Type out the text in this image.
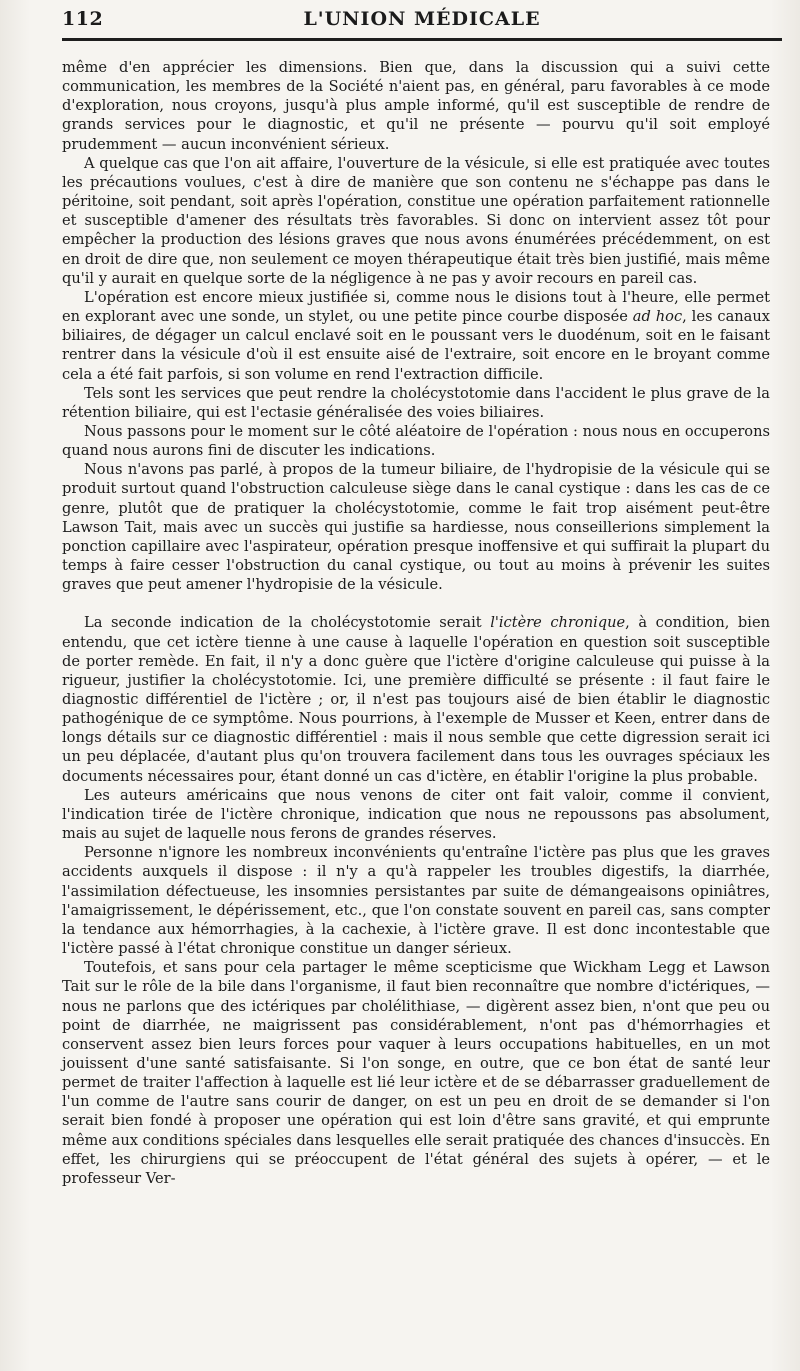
112	L'UNION MÉDICALE

même d'en apprécier les dimensions. Bien que, dans la discussion qui a suivi cette communication, les membres de la Société n'aient pas, en général, paru favorables à ce mode d'exploration, nous croyons, jusqu'à plus ample informé, qu'il est susceptible de rendre de grands services pour le diagnostic, et qu'il ne présente — pourvu qu'il soit employé prudemment — aucun inconvénient sérieux.

A quelque cas que l'on ait affaire, l'ouverture de la vésicule, si elle est pratiquée avec toutes les précautions voulues, c'est à dire de manière que son contenu ne s'échappe pas dans le péritoine, soit pendant, soit après l'opération, constitue une opération parfaitement rationnelle et susceptible d'amener des résultats très favorables. Si donc on intervient assez tôt pour empêcher la production des lésions graves que nous avons énumérées précédemment, on est en droit de dire que, non seulement ce moyen thérapeutique était très bien justifié, mais même qu'il y aurait en quelque sorte de la négligence à ne pas y avoir recours en pareil cas.

L'opération est encore mieux justifiée si, comme nous le disions tout à l'heure, elle permet en explorant avec une sonde, un stylet, ou une petite pince courbe disposée ad hoc, les canaux biliaires, de dégager un calcul enclavé soit en le poussant vers le duodénum, soit en le faisant rentrer dans la vésicule d'où il est ensuite aisé de l'extraire, soit encore en le broyant comme cela a été fait parfois, si son volume en rend l'extraction difficile.

Tels sont les services que peut rendre la cholécystotomie dans l'accident le plus grave de la rétention biliaire, qui est l'ectasie généralisée des voies biliaires.

Nous passons pour le moment sur le côté aléatoire de l'opération : nous nous en occuperons quand nous aurons fini de discuter les indications.

Nous n'avons pas parlé, à propos de la tumeur biliaire, de l'hydropisie de la vésicule qui se produit surtout quand l'obstruction calculeuse siège dans le canal cystique : dans les cas de ce genre, plutôt que de pratiquer la cholécystotomie, comme le fait trop aisément peut-être Lawson Tait, mais avec un succès qui justifie sa hardiesse, nous conseillerions simplement la ponction capillaire avec l'aspirateur, opération presque inoffensive et qui suffirait la plupart du temps à faire cesser l'obstruction du canal cystique, ou tout au moins à prévenir les suites graves que peut amener l'hydropisie de la vésicule.

La seconde indication de la cholécystotomie serait l'ictère chronique, à condition, bien entendu, que cet ictère tienne à une cause à laquelle l'opération en question soit susceptible de porter remède. En fait, il n'y a donc guère que l'ictère d'origine calculeuse qui puisse à la rigueur, justifier la cholécystotomie. Ici, une première difficulté se présente : il faut faire le diagnostic différentiel de l'ictère ; or, il n'est pas toujours aisé de bien établir le diagnostic pathogénique de ce symptôme. Nous pourrions, à l'exemple de Musser et Keen, entrer dans de longs détails sur ce diagnostic différentiel : mais il nous semble que cette digression serait ici un peu déplacée, d'autant plus qu'on trouvera facilement dans tous les ouvrages spéciaux les documents nécessaires pour, étant donné un cas d'ictère, en établir l'origine la plus probable.

Les auteurs américains que nous venons de citer ont fait valoir, comme il convient, l'indication tirée de l'ictère chronique, indication que nous ne repoussons pas absolument, mais au sujet de laquelle nous ferons de grandes réserves.

Personne n'ignore les nombreux inconvénients qu'entraîne l'ictère pas plus que les graves accidents auxquels il dispose : il n'y a qu'à rappeler les troubles digestifs, la diarrhée, l'assimilation défectueuse, les insomnies persistantes par suite de démangeaisons opiniâtres, l'amaigrissement, le dépérissement, etc., que l'on constate souvent en pareil cas, sans compter la tendance aux hémorrhagies, à la cachexie, à l'ictère grave. Il est donc incontestable que l'ictère passé à l'état chronique constitue un danger sérieux.

Toutefois, et sans pour cela partager le même scepticisme que Wickham Legg et Lawson Tait sur le rôle de la bile dans l'organisme, il faut bien reconnaître que nombre d'ictériques, — nous ne parlons que des ictériques par cholélithiase, — digèrent assez bien, n'ont que peu ou point de diarrhée, ne maigrissent pas considérablement, n'ont pas d'hémorrhagies et conservent assez bien leurs forces pour vaquer à leurs occupations habituelles, en un mot jouissent d'une santé satisfaisante. Si l'on songe, en outre, que ce bon état de santé leur permet de traiter l'affection à laquelle est lié leur ictère et de se débarrasser graduellement de l'un comme de l'autre sans courir de danger, on est un peu en droit de se demander si l'on serait bien fondé à proposer une opération qui est loin d'être sans gravité, et qui emprunte même aux conditions spéciales dans lesquelles elle serait pratiquée des chances d'insuccès. En effet, les chirurgiens qui se préoccupent de l'état général des sujets à opérer, — et le professeur Ver-
